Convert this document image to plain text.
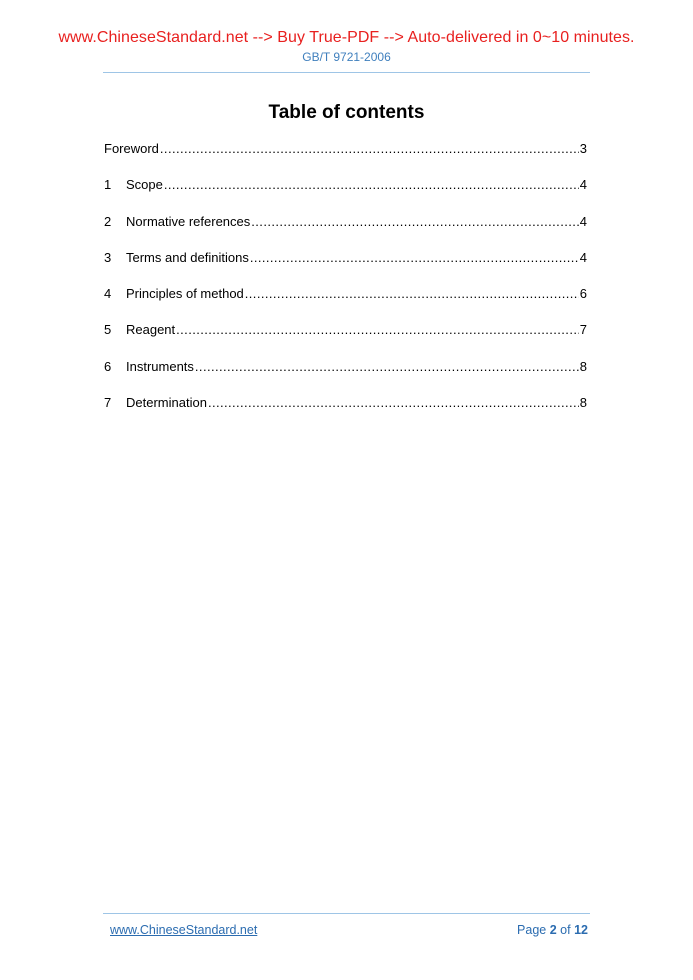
www.ChineseStandard.net --> Buy True-PDF --> Auto-delivered in 0~10 minutes.
GB/T 9721-2006
Table of contents
Foreword .....	3
1	Scope .....	4
2	Normative references .....	4
3	Terms and definitions .....	4
4	Principles of method .....	6
5	Reagent .....	7
6	Instruments .....	8
7	Determination .....	8
www.ChineseStandard.net	Page 2 of 12
